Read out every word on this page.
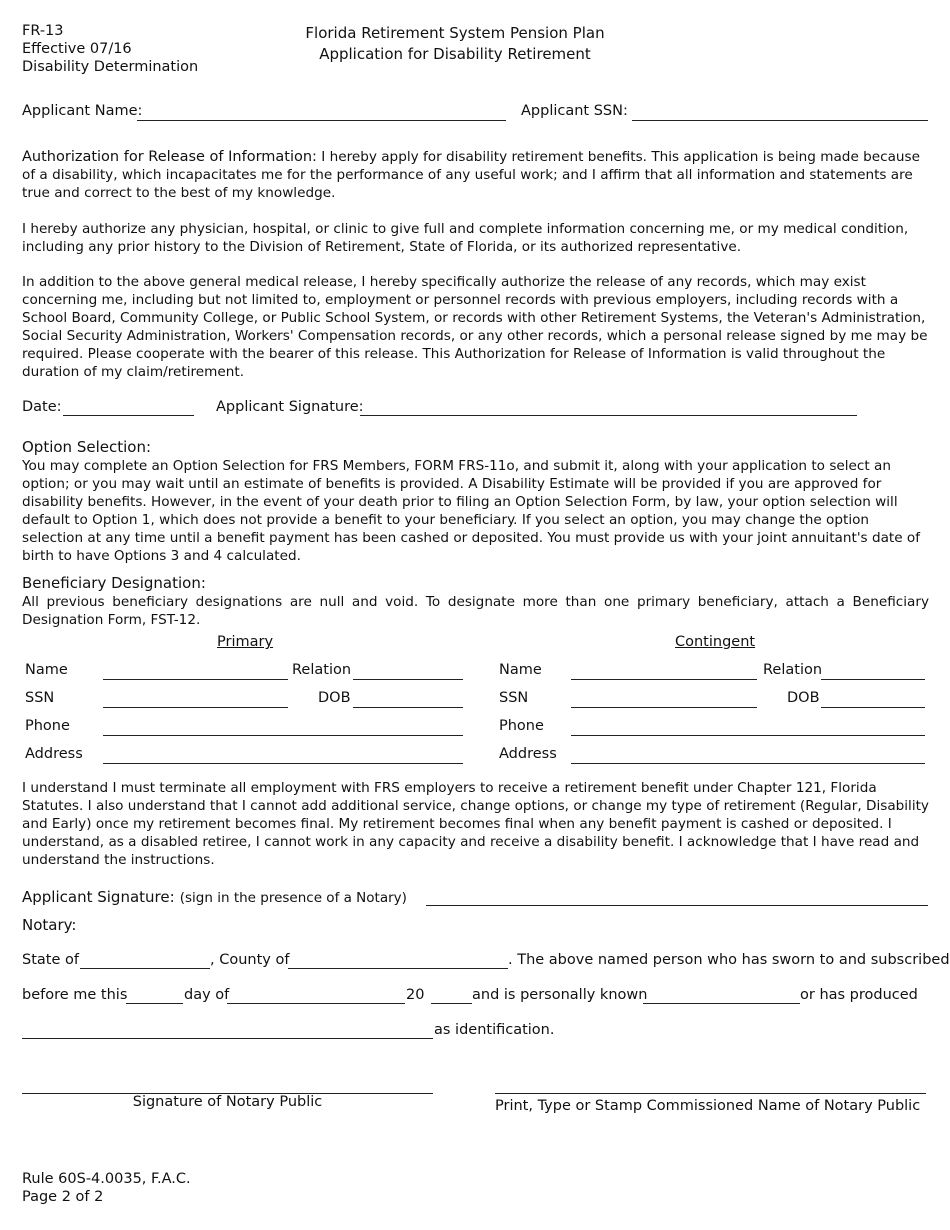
FR-13
Effective 07/16
Disability Determination
Florida Retirement System Pension Plan
Application for Disability Retirement
Applicant Name:	Applicant SSN:

Authorization for Release of Information: I hereby apply for disability retirement benefits. This application is being made because of a disability, which incapacitates me for the performance of any useful work; and I affirm that all information and statements are true and correct to the best of my knowledge.

I hereby authorize any physician, hospital, or clinic to give full and complete information concerning me, or my medical condition, including any prior history to the Division of Retirement, State of Florida, or its authorized representative.

In addition to the above general medical release, I hereby specifically authorize the release of any records, which may exist concerning me, including but not limited to, employment or personnel records with previous employers, including records with a School Board, Community College, or Public School System, or records with other Retirement Systems, the Veteran's Administration, Social Security Administration, Workers' Compensation records, or any other records, which a personal release signed by me may be required. Please cooperate with the bearer of this release. This Authorization for Release of Information is valid throughout the duration of my claim/retirement.

Date:	Applicant Signature:
Option Selection:

You may complete an Option Selection for FRS Members, FORM FRS-11o, and submit it, along with your application to select an option; or you may wait until an estimate of benefits is provided. A Disability Estimate will be provided if you are approved for disability benefits. However, in the event of your death prior to filing an Option Selection Form, by law, your option selection will default to Option 1, which does not provide a benefit to your beneficiary. If you select an option, you may change the option selection at any time until a benefit payment has been cashed or deposited. You must provide us with your joint annuitant's date of birth to have Options 3 and 4 calculated.

Beneficiary Designation:

All previous beneficiary designations are null and void. To designate more than one primary beneficiary, attach a Beneficiary Designation Form, FST-12.

Primary	Contingent
Name	Relation
SSN	DOB
Phone
Address
Name	Relation
SSN	DOB
Phone
Address

I understand I must terminate all employment with FRS employers to receive a retirement benefit under Chapter 121, Florida Statutes. I also understand that I cannot add additional service, change options, or change my type of retirement (Regular, Disability and Early) once my retirement becomes final. My retirement becomes final when any benefit payment is cashed or deposited. I understand, as a disabled retiree, I cannot work in any capacity and receive a disability benefit. I acknowledge that I have read and understand the instructions.

Applicant Signature: (sign in the presence of a Notary)
Notary:
State of	, County of	. The above named person who has sworn to and subscribed
before me this	day of	20	and is personally known	or has produced
as identification.
Signature of Notary Public	Print, Type or Stamp Commissioned Name of Notary Public
Rule 60S-4.0035, F.A.C.
Page 2 of 2
